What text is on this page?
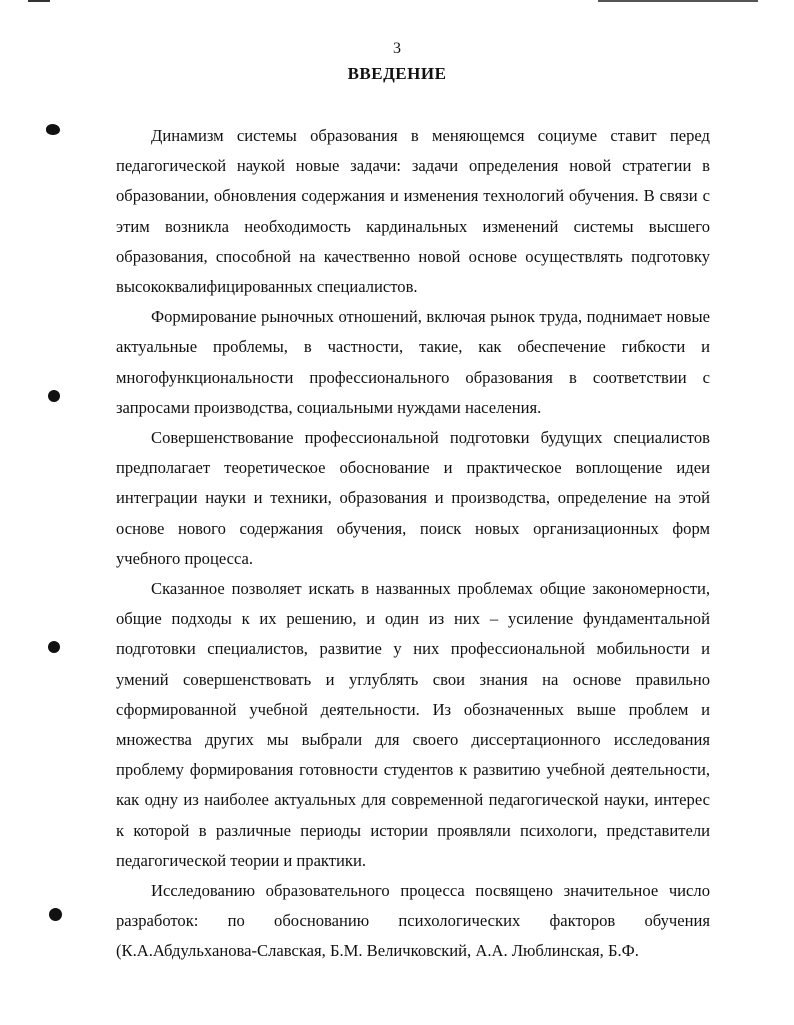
3
ВВЕДЕНИЕ

Динамизм системы образования в меняющемся социуме ставит перед педагогической наукой новые задачи: задачи определения новой стратегии в образовании, обновления содержания и изменения технологий обучения. В связи с этим возникла необходимость кардинальных изменений системы высшего образования, способной на качественно новой основе осуществлять подготовку высококвалифицированных специалистов.

Формирование рыночных отношений, включая рынок труда, поднимает новые актуальные проблемы, в частности, такие, как обеспечение гибкости и многофункциональности профессионального образования в соответствии с запросами производства, социальными нуждами населения.

Совершенствование профессиональной подготовки будущих специалистов предполагает теоретическое обоснование и практическое воплощение идеи интеграции науки и техники, образования и производства, определение на этой основе нового содержания обучения, поиск новых организационных форм учебного процесса.

Сказанное позволяет искать в названных проблемах общие закономерности, общие подходы к их решению, и один из них – усиление фундаментальной подготовки специалистов, развитие у них профессиональной мобильности и умений совершенствовать и углублять свои знания на основе правильно сформированной учебной деятельности. Из обозначенных выше проблем и множества других мы выбрали для своего диссертационного исследования проблему формирования готовности студентов к развитию учебной деятельности, как одну из наиболее актуальных для современной педагогической науки, интерес к которой в различные периоды истории проявляли психологи, представители педагогической теории и практики.

Исследованию образовательного процесса посвящено значительное число разработок: по обоснованию психологических факторов обучения (К.А.Абдульханова-Славская, Б.М. Величковский, А.А. Люблинская, Б.Ф.
